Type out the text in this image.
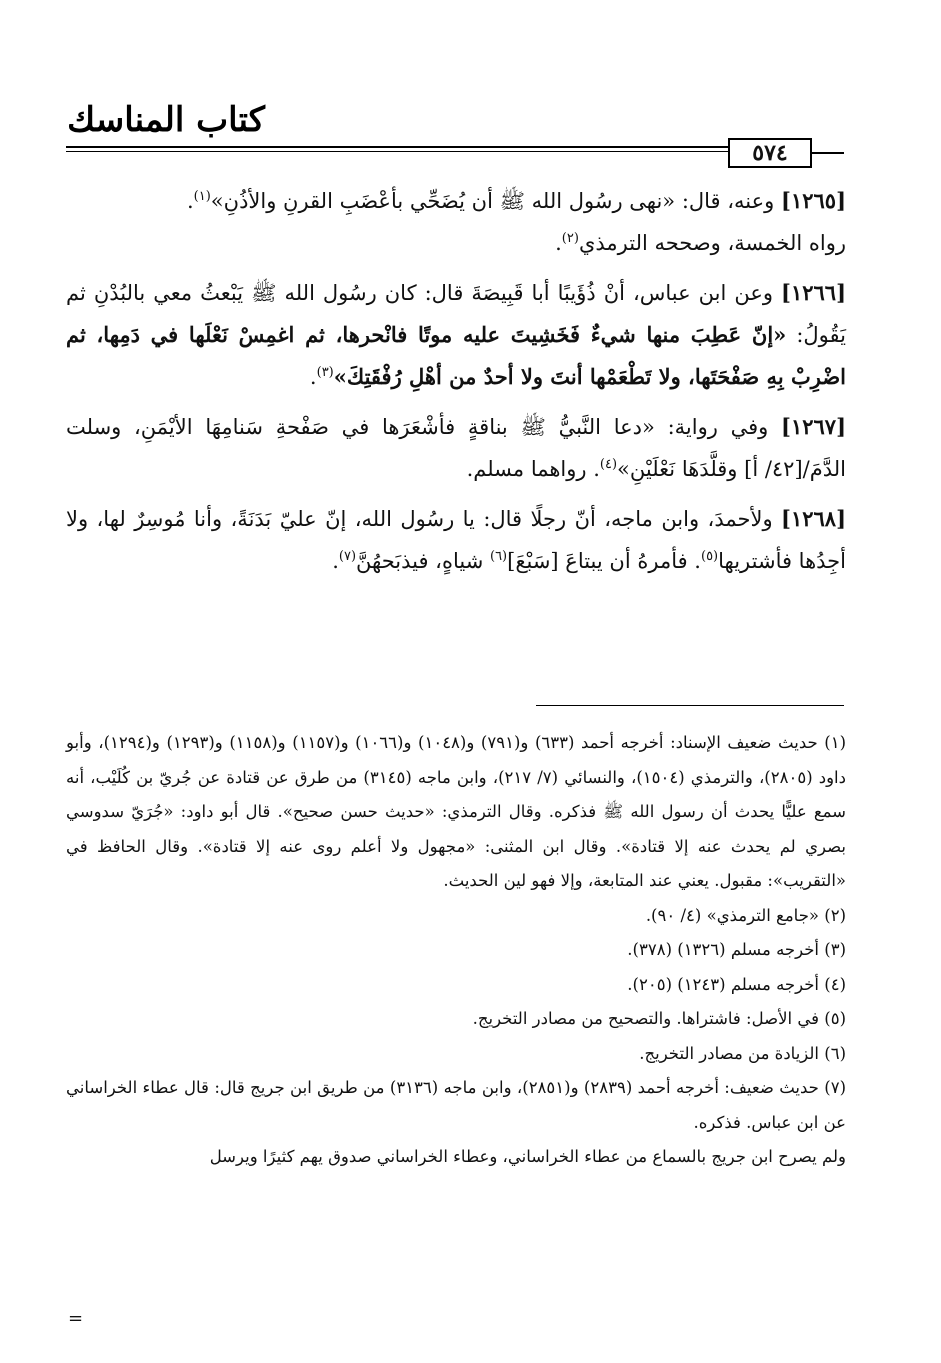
كتاب المناسك
٥٧٤

[١٢٦٥] وعنه، قال: «نهى رسُول الله ﷺ أن يُضَحِّي بأعْضَبِ القرنِ والأذُنِ»$^{(١)}$.
رواه الخمسة، وصححه الترمذي$^{(٢)}$.

[١٢٦٦] وعن ابن عباس، أنْ ذُؤَيبًا أبا قَبِيصَةَ قال: كان رسُول الله ﷺ يَبْعثُ معي بالبُدْنِ ثم يَقُولُ: «إنّ عَطِبَ منها شيءٌ فَخَشِيتَ عليه موتًا فانْحرها، ثم اغمِسْ نَعْلَها في دَمِها، ثم اضْرِبْ بِهِ صَفْحَتَها، ولا تَطْعَمْها أنتَ ولا أحدٌ من أهْلِ رُفْقَتِكَ»$^{(٣)}$.

[١٢٦٧] وفي رواية: «دعا النَّبيُّ ﷺ بناقةٍ فأشْعَرَها في صَفْحةِ سَنامِهَا الأيْمَنِ، وسلت الدَّمَ/[٤٢/ أ] وقلَّدَهَا نَعْلَيْنِ»$^{(٤)}$. رواهما مسلم.

[١٢٦٨] ولأحمدَ، وابن ماجه، أنّ رجلًا قال: يا رسُول الله، إنّ عليّ بَدَنَةً، وأنا مُوسِرٌ لها، ولا أجِدُها فأشتريها$^{(٥)}$. فأمرهُ أن يبتاعَ [سَبْعَ]$^{(٦)}$ شياهٍ، فيذبَحهُنَّ$^{(٧)}$.

(١) حديث ضعيف الإسناد: أخرجه أحمد (٦٣٣) و(٧٩١) و(١٠٤٨) و(١٠٦٦) و(١١٥٧) و(١١٥٨) و(١٢٩٣) و(١٢٩٤)، وأبو داود (٢٨٠٥)، والترمذي (١٥٠٤)، والنسائي (٧/ ٢١٧)، وابن ماجه (٣١٤٥) من طرق عن قتادة عن جُريّ بن كُلَيْب، أنه سمع عليًّا يحدث أن رسول الله ﷺ فذكره. وقال الترمذي: «حديث حسن صحيح». قال أبو داود: «جُرَيّ سدوسي بصري لم يحدث عنه إلا قتادة». وقال ابن المثنى: «مجهول ولا أعلم روى عنه إلا قتادة». وقال الحافظ في «التقريب»: مقبول. يعني عند المتابعة، وإلا فهو لين الحديث.

(٢) «جامع الترمذي» (٤/ ٩٠).

(٣) أخرجه مسلم (١٣٢٦) (٣٧٨).

(٤) أخرجه مسلم (١٢٤٣) (٢٠٥).

(٥) في الأصل: فاشتراها. والتصحيح من مصادر التخريج.

(٦) الزيادة من مصادر التخريج.

(٧) حديث ضعيف: أخرجه أحمد (٢٨٣٩) و(٢٨٥١)، وابن ماجه (٣١٣٦) من طريق ابن جريج قال: قال عطاء الخراساني عن ابن عباس. فذكره.

ولم يصرح ابن جريج بالسماع من عطاء الخراساني، وعطاء الخراساني صدوق يهم كثيرًا ويرسل

=
